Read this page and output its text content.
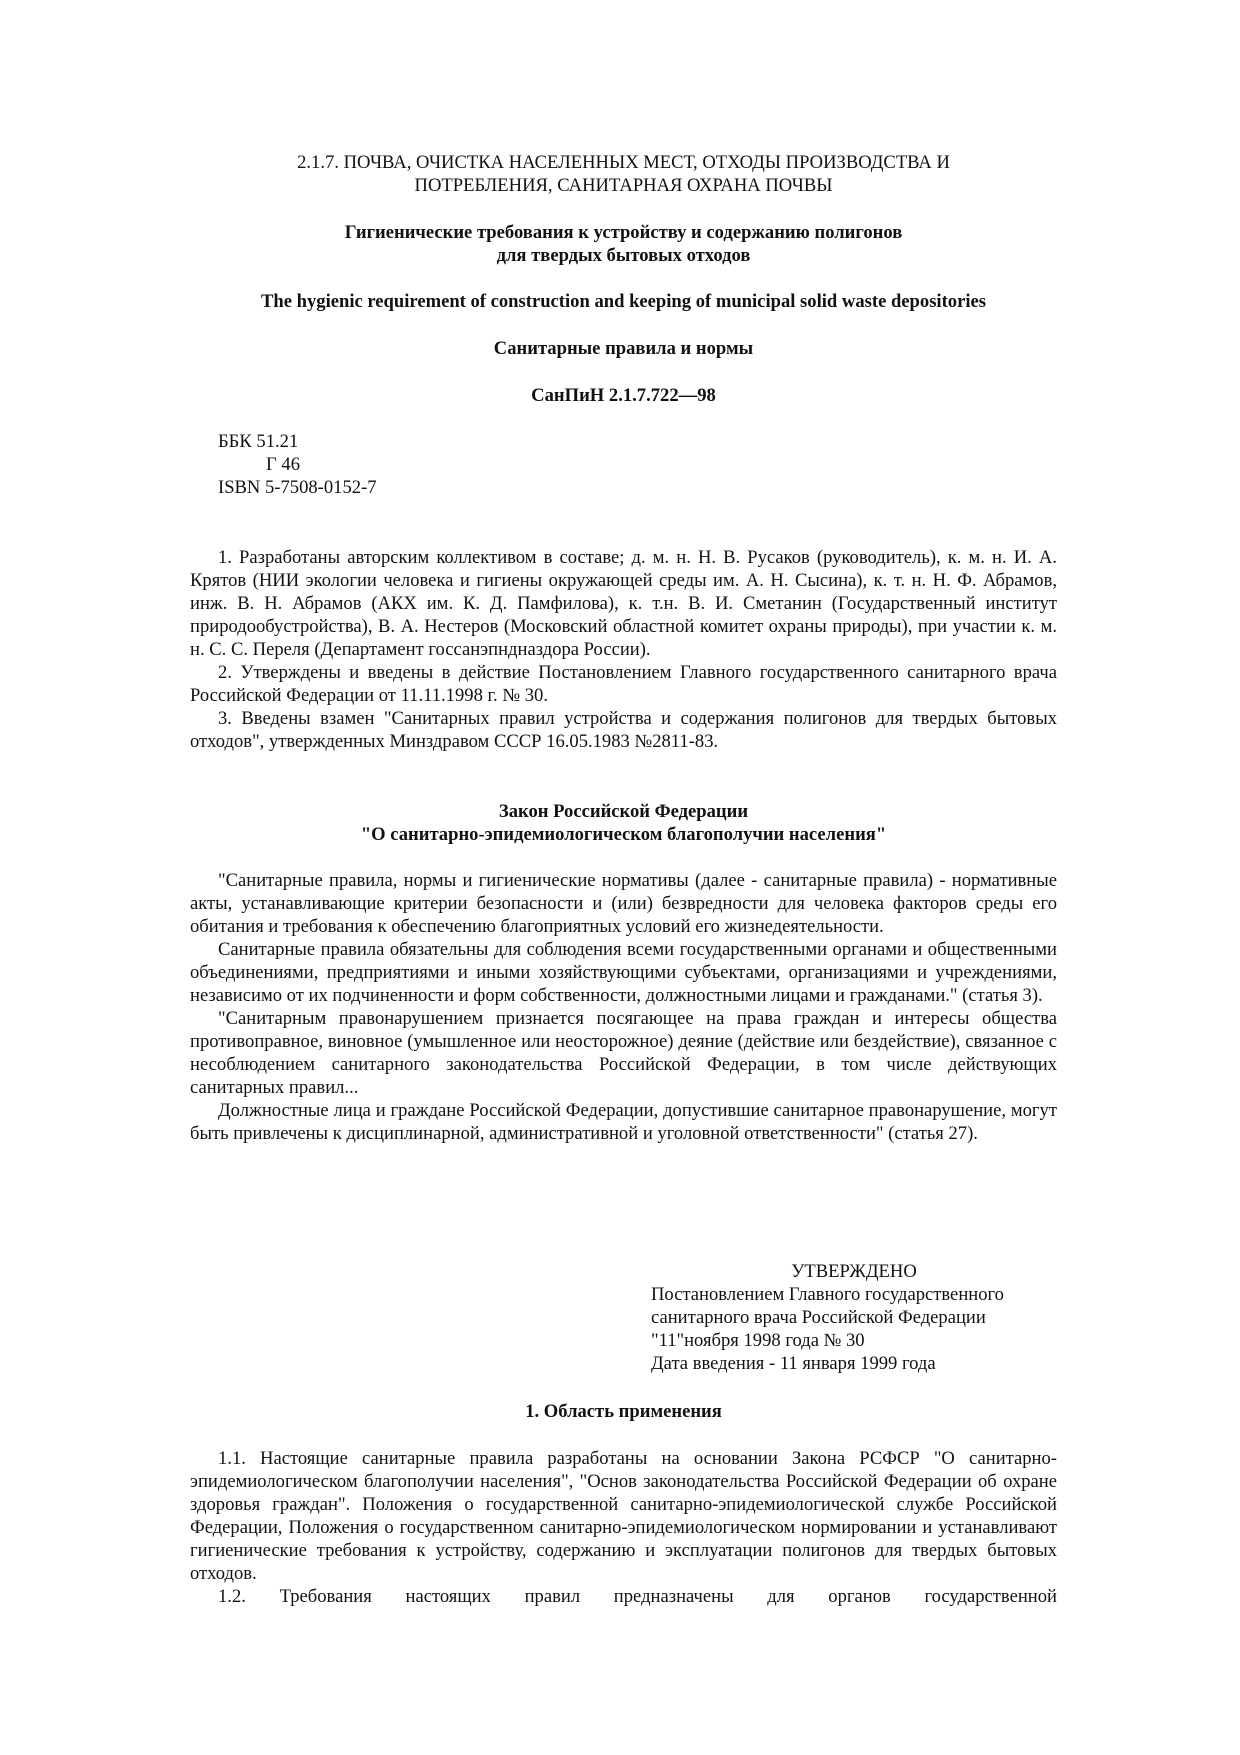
2.1.7. ПОЧВА, ОЧИСТКА НАСЕЛЕННЫХ МЕСТ, ОТХОДЫ ПРОИЗВОДСТВА И
ПОТРЕБЛЕНИЯ, САНИТАРНАЯ ОХРАНА ПОЧВЫ
Гигиенические требования к устройству и содержанию полигонов
для твердых бытовых отходов
The hygienic requirement of construction and keeping of municipal solid waste depositories
Санитарные правила и нормы
СанПиН 2.1.7.722—98
ББК 51.21
Г 46
ISBN 5-7508-0152-7

1. Разработаны авторским коллективом в составе; д. м. н. Н. В. Русаков (руководитель), к. м. н. И. А. Крятов (НИИ экологии человека и гигиены окружающей среды им. А. Н. Сысина), к. т. н. Н. Ф. Абрамов, инж. В. Н. Абрамов (АКХ им. К. Д. Памфилова), к. т.н. В. И. Сметанин (Государственный институт природообустройства), В. А. Нестеров (Московский областной комитет охраны природы), при участии к. м. н. С. С. Переля (Департамент госсанэпндназдора России).

2. Утверждены и введены в действие Постановлением Главного государственного санитарного врача Российской Федерации от 11.11.1998 г. № 30.

3. Введены взамен "Санитарных правил устройства и содержания полигонов для твердых бытовых отходов", утвержденных Минздравом СССР 16.05.1983 №2811-83.

Закон Российской Федерации
"О санитарно-эпидемиологическом благополучии населения"

"Санитарные правила, нормы и гигиенические нормативы (далее - санитарные правила) - нормативные акты, устанавливающие критерии безопасности и (или) безвредности для человека факторов среды его обитания и требования к обеспечению благоприятных условий его жизнедеятельности.

Санитарные правила обязательны для соблюдения всеми государственными органами и общественными объединениями, предприятиями и иными хозяйствующими субъектами, организациями и учреждениями, независимо от их подчиненности и форм собственности, должностными лицами и гражданами." (статья 3).

"Санитарным правонарушением признается посягающее на права граждан и интересы общества противоправное, виновное (умышленное или неосторожное) деяние (действие или бездействие), связанное с несоблюдением санитарного законодательства Российской Федерации, в том числе действующих санитарных правил...

Должностные лица и граждане Российской Федерации, допустившие санитарное правонарушение, могут быть привлечены к дисциплинарной, административной и уголовной ответственности" (статья 27).

УТВЕРЖДЕНО
Постановлением Главного государственного
санитарного врача Российской Федерации
"11"ноября 1998 года № 30
Дата введения - 11 января 1999 года
1. Область применения

1.1. Настоящие санитарные правила разработаны на основании Закона РСФСР "О санитарно-эпидемиологическом благополучии населения", "Основ законодательства Российской Федерации об охране здоровья граждан". Положения о государственной санитарно-эпидемиологической службе Российской Федерации, Положения о государственном санитарно-эпидемиологическом нормировании и устанавливают гигиенические требования к устройству, содержанию и эксплуатации полигонов для твердых бытовых отходов.

1.2. Требования настоящих правил предназначены для органов государственной
